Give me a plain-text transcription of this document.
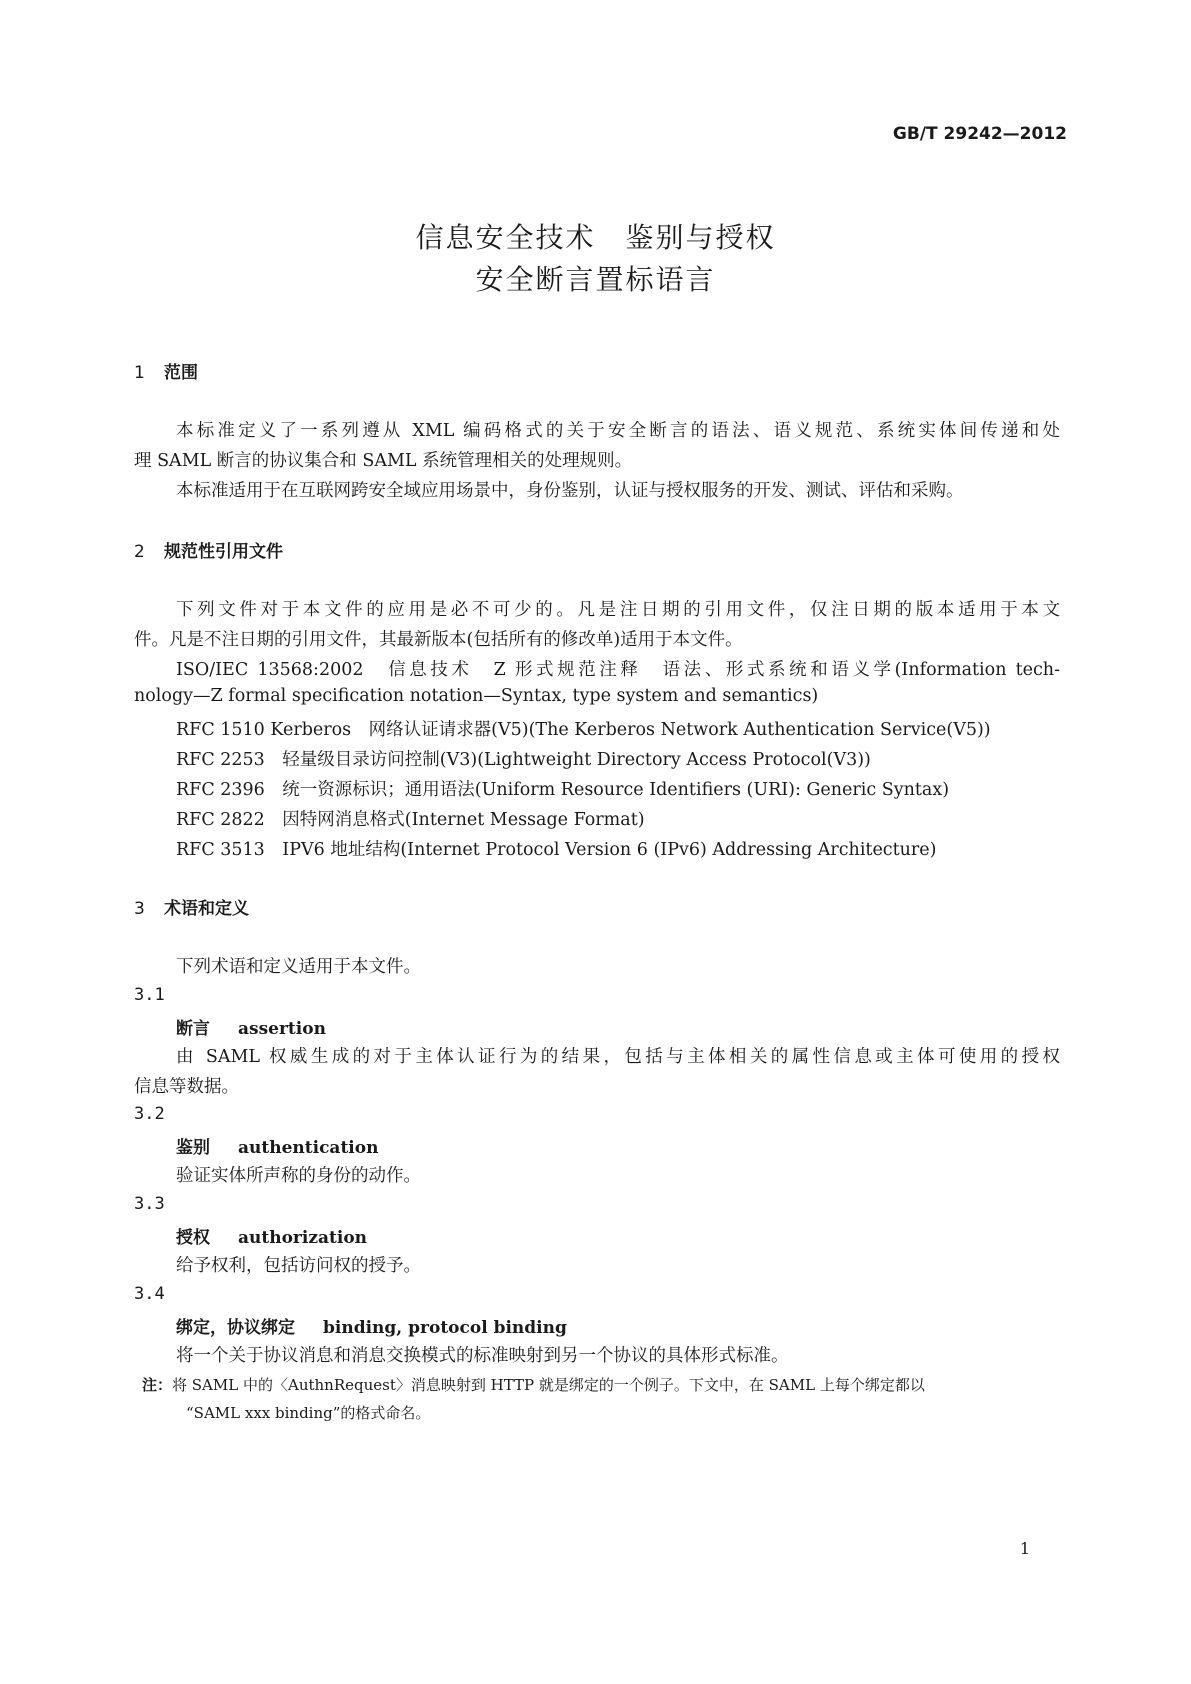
GB/T 29242—2012
信息安全技术　鉴别与授权
安全断言置标语言
1 范围
本标准定义了一系列遵从 XML 编码格式的关于安全断言的语法、语义规范、系统实体间传递和处
理 SAML 断言的协议集合和 SAML 系统管理相关的处理规则。
本标准适用于在互联网跨安全域应用场景中，身份鉴别，认证与授权服务的开发、测试、评估和采购。
2 规范性引用文件
下列文件对于本文件的应用是必不可少的。凡是注日期的引用文件，仅注日期的版本适用于本文
件。凡是不注日期的引用文件，其最新版本(包括所有的修改单)适用于本文件。
ISO/IEC 13568:2002　信息技术　Z 形式规范注释　语法、形式系统和语义学(Information tech-
nology—Z formal specification notation—Syntax, type system and semantics)
RFC 1510 Kerberos　网络认证请求器(V5)(The Kerberos Network Authentication Service(V5))
RFC 2253　轻量级目录访问控制(V3)(Lightweight Directory Access Protocol(V3))
RFC 2396　统一资源标识；通用语法(Uniform Resource Identifiers (URI): Generic Syntax)
RFC 2822　因特网消息格式(Internet Message Format)
RFC 3513　IPV6 地址结构(Internet Protocol Version 6 (IPv6) Addressing Architecture)
3 术语和定义
下列术语和定义适用于本文件。
3.1
断言 assertion
由 SAML 权威生成的对于主体认证行为的结果，包括与主体相关的属性信息或主体可使用的授权
信息等数据。
3.2
鉴别 authentication
验证实体所声称的身份的动作。
3.3
授权 authorization
给予权利，包括访问权的授予。
3.4
绑定，协议绑定 binding, protocol binding
将一个关于协议消息和消息交换模式的标准映射到另一个协议的具体形式标准。
注：将 SAML 中的〈AuthnRequest〉消息映射到 HTTP 就是绑定的一个例子。下文中，在 SAML 上每个绑定都以
“SAML xxx binding”的格式命名。
1
